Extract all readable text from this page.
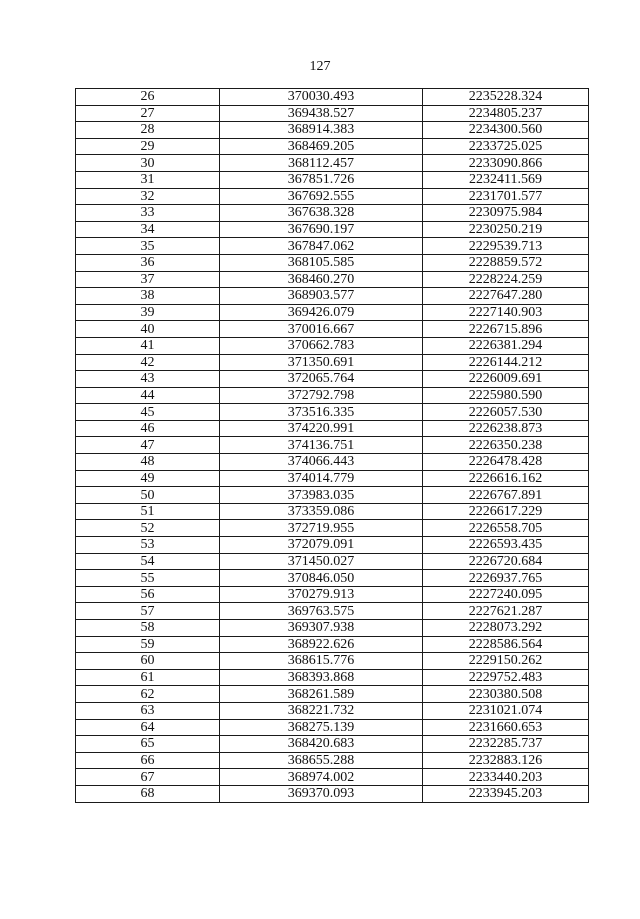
127
26	370030.493	2235228.324
27	369438.527	2234805.237
28	368914.383	2234300.560
29	368469.205	2233725.025
30	368112.457	2233090.866
31	367851.726	2232411.569
32	367692.555	2231701.577
33	367638.328	2230975.984
34	367690.197	2230250.219
35	367847.062	2229539.713
36	368105.585	2228859.572
37	368460.270	2228224.259
38	368903.577	2227647.280
39	369426.079	2227140.903
40	370016.667	2226715.896
41	370662.783	2226381.294
42	371350.691	2226144.212
43	372065.764	2226009.691
44	372792.798	2225980.590
45	373516.335	2226057.530
46	374220.991	2226238.873
47	374136.751	2226350.238
48	374066.443	2226478.428
49	374014.779	2226616.162
50	373983.035	2226767.891
51	373359.086	2226617.229
52	372719.955	2226558.705
53	372079.091	2226593.435
54	371450.027	2226720.684
55	370846.050	2226937.765
56	370279.913	2227240.095
57	369763.575	2227621.287
58	369307.938	2228073.292
59	368922.626	2228586.564
60	368615.776	2229150.262
61	368393.868	2229752.483
62	368261.589	2230380.508
63	368221.732	2231021.074
64	368275.139	2231660.653
65	368420.683	2232285.737
66	368655.288	2232883.126
67	368974.002	2233440.203
68	369370.093	2233945.203
